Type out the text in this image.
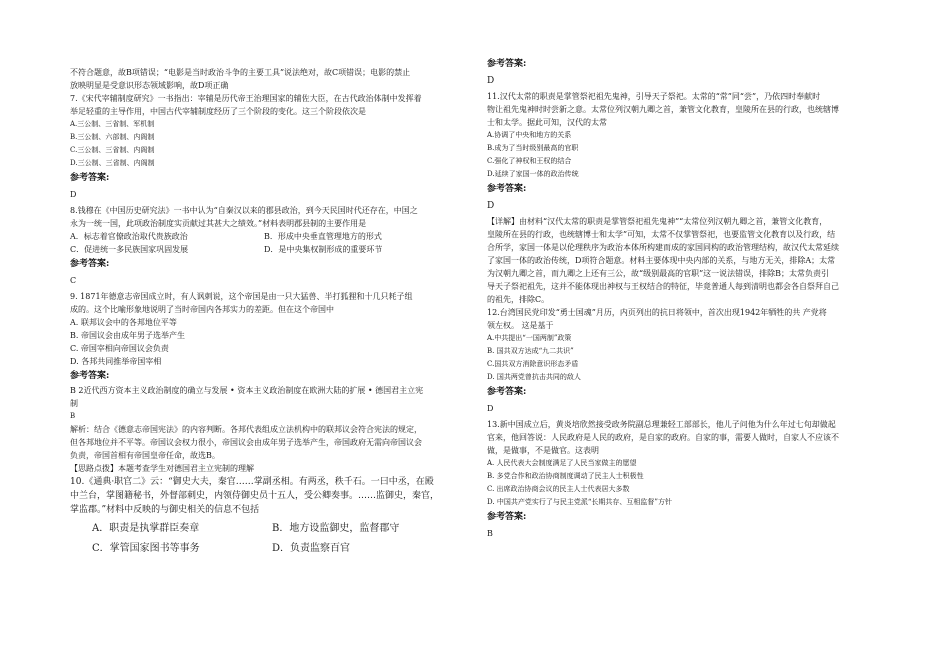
不符合题意，故B项错误；“电影是当时政治斗争的主要工具”说法绝对，故C项错误；电影的禁止

放映明显是受意识形态领域影响，故D项正确

7.《宋代宰辅制度研究》一书指出：宰辅是历代帝王治理国家的辅佐大臣，在古代政治体制中发挥着

举足轻重的主导作用，中国古代宰辅制度经历了三个阶段的变化。这三个阶段依次是

A.三公制、三省制、军机制

B.三公制、六部制、内阁制

C.三公制、三省制、内阁制

D.三公制、三省制、内阁制

参考答案:

D

8.钱穆在《中国历史研究法》一书中认为“自秦汉以来的郡县政治，到今天民国时代还存在，中国之

永为一统一国，此项政治制度实贡献过其甚大之绩效。”材料表明郡县制的主要作用是

A．标志着官僚政治取代贵族政治	B．形成中央垂直管理地方的形式

C．促进统一多民族国家巩固发展	D．是中央集权制形成的重要环节

参考答案:

C

9. 1871年德意志帝国成立时，有人讽刺说，这个帝国是由一只大猛兽、半打狐狸和十几只耗子组

成的。这个比喻形象地说明了当时帝国内各邦实力的差距。但在这个帝国中

A. 联邦议会中的各邦地位平等

B. 帝国议会由成年男子选举产生

C. 帝国宰相向帝国议会负责

D. 各邦共同推举帝国宰相

参考答案:

B 2近代西方资本主义政治制度的确立与发展 • 资本主义政治制度在欧洲大陆的扩展 • 德国君主立宪

制

B

解析：结合《德意志帝国宪法》的内容判断。各邦代表组成立法机构中的联邦议会符合宪法的规定，

但各邦地位并不平等。帝国议会权力很小，帝国议会由成年男子选举产生，帝国政府无需向帝国议会

负责，帝国首相有帝国皇帝任命，故选B。

【思路点拨】本题考查学生对德国君主立宪制的理解

10.《通典·职官二》云：“御史大夫，秦官……掌副丞相。有两丞，秩千石。一曰中丞，在殿

中兰台，掌图籍秘书，外督部刺史，内领侍御史员十五人，受公卿奏事。……监御史，秦官，

掌监郡。”材料中反映的与御史相关的信息不包括

A．职责是执掌群臣奏章	B．地方设监御史，监督郡守

C．掌管国家图书等事务	D．负责监察百官

参考答案:

D

11.汉代太常的职责是掌管祭祀祖先鬼神，引导天子祭祀。太常的“常”同“尝”，乃依四时奉献时

物让祖先鬼神时时尝新之意。太常位列汉朝九卿之首，兼管文化教育，皇陵所在县的行政，也统辖博

士和太学。据此可知，汉代的太常

A.协调了中央和地方的关系

B.成为了当时级别最高的官职

C.强化了神权和王权的结合

D.延续了家国一体的政治传统

参考答案:

D

【详解】由材料“汉代太常的职责是掌管祭祀祖先鬼神”“太常位列汉朝九卿之首，兼管文化教育，

皇陵所在县的行政，也统辖博士和太学”可知，太常不仅掌管祭祀，也要监管文化教育以及行政，结

合所学，家国一体是以伦理秩序为政治本体所构建而成的家国同构的政治管理结构，故汉代太常延续

了家国一体的政治传统，D项符合题意。材料主要体现中央内部的关系，与地方无关，排除A；太常

为汉朝九卿之首，而九卿之上还有三公，故“级别最高的官职”这一说法错误，排除B；太常负责引

导天子祭祀祖先，这并不能体现出神权与王权结合的特征，毕竟普通人每到清明也都会各自祭拜自己

的祖先，排除C。

12.台湾国民党印发“勇士国魂”月历，内页列出的抗日将领中，首次出现1942年牺牲的共 产党将

领左权。 这是基于

A.中共提出“一国两制”政策

B. 国共双方达成“九二共识”

C.国共双方消除意识形态矛盾

D. 国共两党曾抗击共同的敌人

参考答案:

D

13.新中国成立后，黄炎培欣然接受政务院副总理兼轻工部部长，他儿子问他为什么年过七旬却做起

官来，他回答说：人民政府是人民的政府，是自家的政府。自家的事，需要人做时，自家人不应该不

做，是做事，不是做官。这表明

A. 人民代表大会制度满足了人民当家做主的愿望

B. 多党合作和政治协商制度调动了民主人士积极性

C. 出席政治协商会议的民主人士代表居大多数

D. 中国共产党实行了与民主党派“长期共存、互相监督”方针

参考答案:

B
